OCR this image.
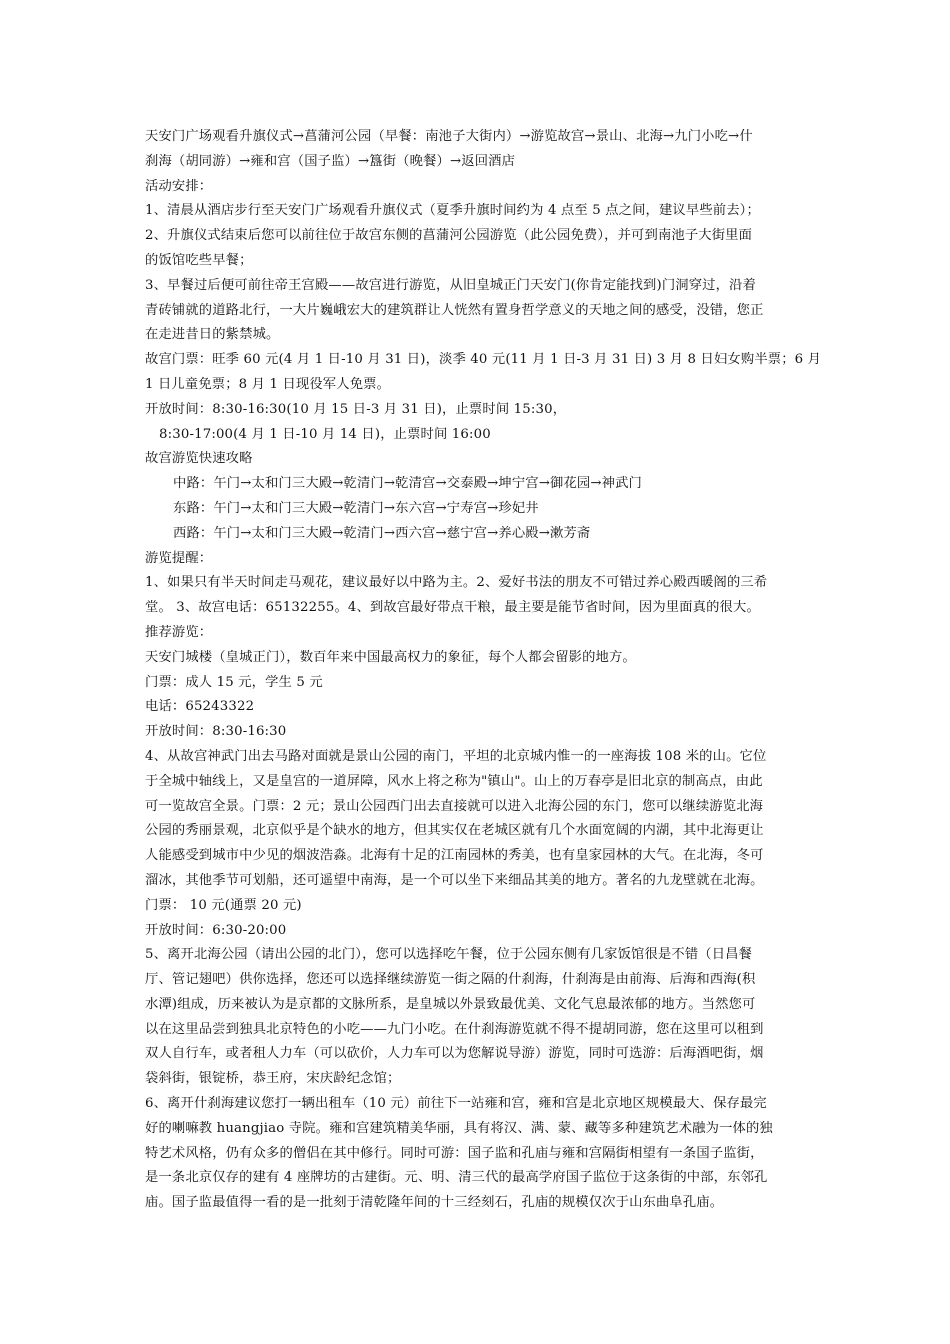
天安门广场观看升旗仪式→菖蒲河公园（早餐：南池子大街内）→游览故宫→景山、北海→九门小吃→什
刹海（胡同游）→雍和宫（国子监）→簋街（晚餐）→返回酒店
活动安排：
1、清晨从酒店步行至天安门广场观看升旗仪式（夏季升旗时间约为 4 点至 5 点之间，建议早些前去）；
2、升旗仪式结束后您可以前往位于故宫东侧的菖蒲河公园游览（此公园免费），并可到南池子大街里面
的饭馆吃些早餐；
3、早餐过后便可前往帝王宫殿——故宫进行游览，从旧皇城正门天安门(你肯定能找到)门洞穿过，沿着
青砖铺就的道路北行，一大片巍峨宏大的建筑群让人恍然有置身哲学意义的天地之间的感受，没错，您正
在走进昔日的紫禁城。
故宫门票：旺季 60 元(4 月 1 日-10 月 31 日)，淡季 40 元(11 月 1 日-3 月 31 日) 3 月 8 日妇女购半票；6 月
1 日儿童免票；8 月 1 日现役军人免票。
开放时间：8:30-16:30(10 月 15 日-3 月 31 日)，止票时间 15:30，
8:30-17:00(4 月 1 日-10 月 14 日)，止票时间 16:00
故宫游览快速攻略
中路：午门→太和门三大殿→乾清门→乾清宫→交泰殿→坤宁宫→御花园→神武门
东路：午门→太和门三大殿→乾清门→东六宫→宁寿宫→珍妃井
西路：午门→太和门三大殿→乾清门→西六宫→慈宁宫→养心殿→漱芳斋
游览提醒：
1、如果只有半天时间走马观花，建议最好以中路为主。2、爱好书法的朋友不可错过养心殿西暖阁的三希
堂。 3、故宫电话：65132255。4、到故宫最好带点干粮，最主要是能节省时间，因为里面真的很大。
推荐游览：
天安门城楼（皇城正门），数百年来中国最高权力的象征，每个人都会留影的地方。
门票：成人 15 元，学生 5 元
电话：65243322
开放时间：8:30-16:30
4、从故宫神武门出去马路对面就是景山公园的南门，平坦的北京城内惟一的一座海拔 108 米的山。它位
于全城中轴线上，又是皇宫的一道屏障，风水上将之称为"镇山"。山上的万春亭是旧北京的制高点，由此
可一览故宫全景。门票：2 元；景山公园西门出去直接就可以进入北海公园的东门，您可以继续游览北海
公园的秀丽景观，北京似乎是个缺水的地方，但其实仅在老城区就有几个水面宽阔的内湖，其中北海更让
人能感受到城市中少见的烟波浩淼。北海有十足的江南园林的秀美，也有皇家园林的大气。在北海，冬可
溜冰，其他季节可划船，还可遥望中南海，是一个可以坐下来细品其美的地方。著名的九龙壁就在北海。
门票： 10 元(通票 20 元)
开放时间：6:30-20:00
5、离开北海公园（请出公园的北门），您可以选择吃午餐，位于公园东侧有几家饭馆很是不错（日昌餐
厅、管记翅吧）供你选择，您还可以选择继续游览一街之隔的什刹海，什刹海是由前海、后海和西海(积
水潭)组成，历来被认为是京都的文脉所系，是皇城以外景致最优美、文化气息最浓郁的地方。当然您可
以在这里品尝到独具北京特色的小吃——九门小吃。在什刹海游览就不得不提胡同游，您在这里可以租到
双人自行车，或者租人力车（可以砍价，人力车可以为您解说导游）游览，同时可选游：后海酒吧街，烟
袋斜街，银锭桥，恭王府，宋庆龄纪念馆；
6、离开什刹海建议您打一辆出租车（10 元）前往下一站雍和宫，雍和宫是北京地区规模最大、保存最完
好的喇嘛教 huangjiao 寺院。雍和宫建筑精美华丽，具有将汉、满、蒙、藏等多种建筑艺术融为一体的独
特艺术风格，仍有众多的僧侣在其中修行。同时可游：国子监和孔庙与雍和宫隔街相望有一条国子监街，
是一条北京仅存的建有 4 座牌坊的古建街。元、明、清三代的最高学府国子监位于这条街的中部，东邻孔
庙。国子监最值得一看的是一批刻于清乾隆年间的十三经刻石，孔庙的规模仅次于山东曲阜孔庙。
